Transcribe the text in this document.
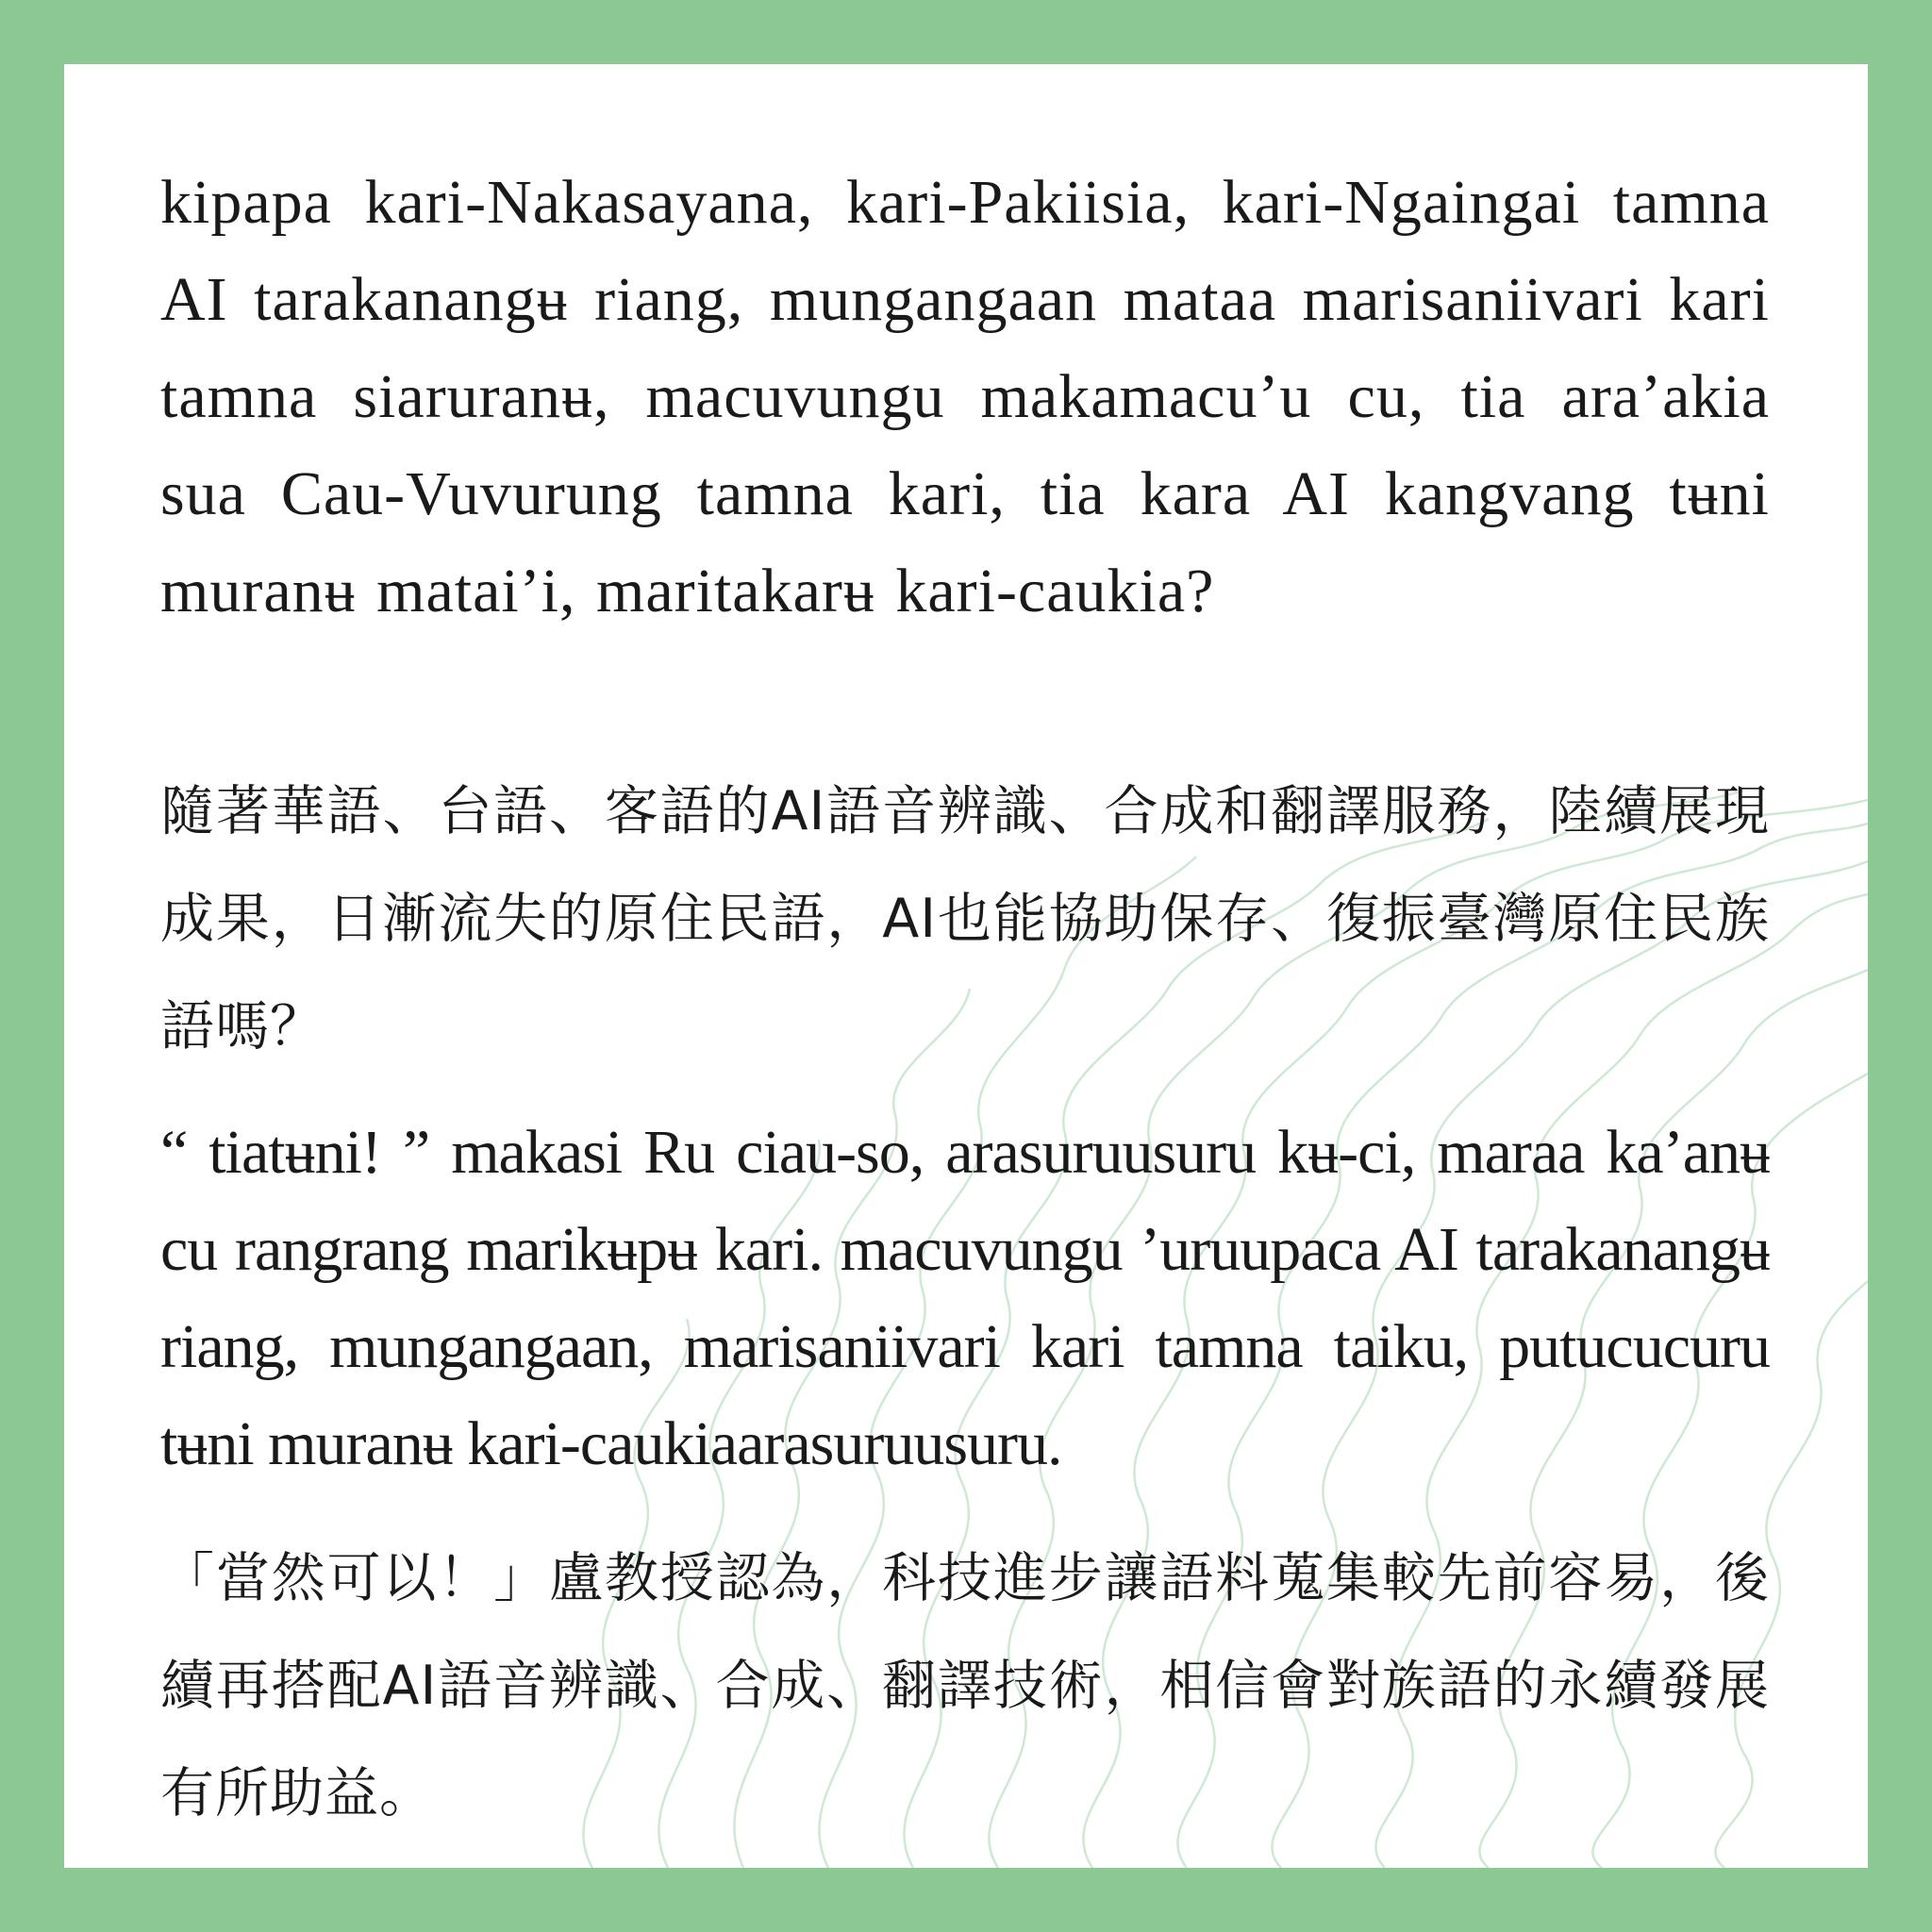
kipapa kari-Nakasayana, kari-Pakiisia, kari-Ngaingai tamna AI tarakanangʉ riang, mungangaan mataa marisaniivari kari tamna siaruranʉ, macuvungu makamacu’u cu, tia ara’akia sua Cau-Vuvurung tamna kari, tia kara AI kangvang tʉni muranʉ matai’i, maritakarʉ kari-caukia?

隨著華語、台語、客語的AI語音辨識、合成和翻譯服務，陸續展現成果，日漸流失的原住民語，AI也能協助保存、復振臺灣原住民族語嗎？

“ tiatʉni! ” makasi Ru ciau-so, arasuruusuru kʉ-ci, maraa ka’anʉ cu rangrang marikʉpʉ kari. macuvungu ’uruupaca AI tarakanangʉ riang, mungangaan, marisaniivari kari tamna taiku, putucucuru tʉni muranʉ kari-caukiaarasuruusuru.

「當然可以！」盧教授認為，科技進步讓語料蒐集較先前容易，後續再搭配AI語音辨識、合成、翻譯技術，相信會對族語的永續發展有所助益。
